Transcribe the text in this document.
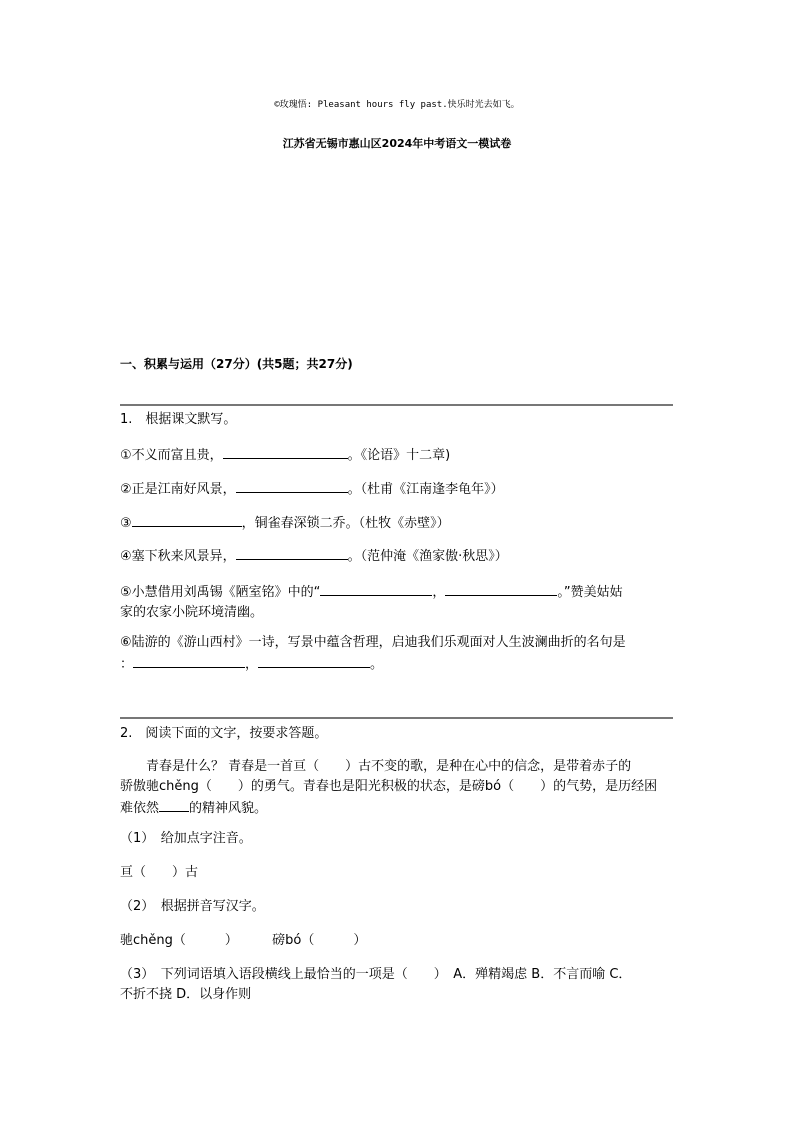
©玫瑰悟: Pleasant hours fly past.快乐时光去如飞。
江苏省无锡市惠山区2024年中考语文一模试卷
一、积累与运用（27分）(共5题；共27分)
1.　根据课文默写。
①不义而富且贵，	。《论语》十二章)
②正是江南好风景，	。（杜甫《江南逢李龟年》）
③	，铜雀春深锁二乔。（杜牧《赤壁》）
④塞下秋来风景异，	。（范仲淹《渔家傲·秋思》）
⑤小慧借用刘禹锡《陋室铭》中的“	，	。”赞美姑姑
家的农家小院环境清幽。
⑥陆游的《游山西村》一诗，写景中蕴含哲理，启迪我们乐观面对人生波澜曲折的名句是
：	，	。
2.　阅读下面的文字，按要求答题。
青春是什么？ 青春是一首亘（　　）古不变的歌，是种在心中的信念，是带着赤子的
骄傲驰chěng（　　）的勇气。青春也是阳光积极的状态，是磅bó（　　）的气势，是历经困
难依然 的精神风貌。
（1）　给加点字注音。
亘（　　）古
（2）　根据拼音写汉字。
驰chěng（　　　）	磅bó（　　　）
（3）　下列词语填入语段横线上最恰当的一项是（　　）　A．殚精竭虑 B．不言而喻 C．
不折不挠 D．以身作则
